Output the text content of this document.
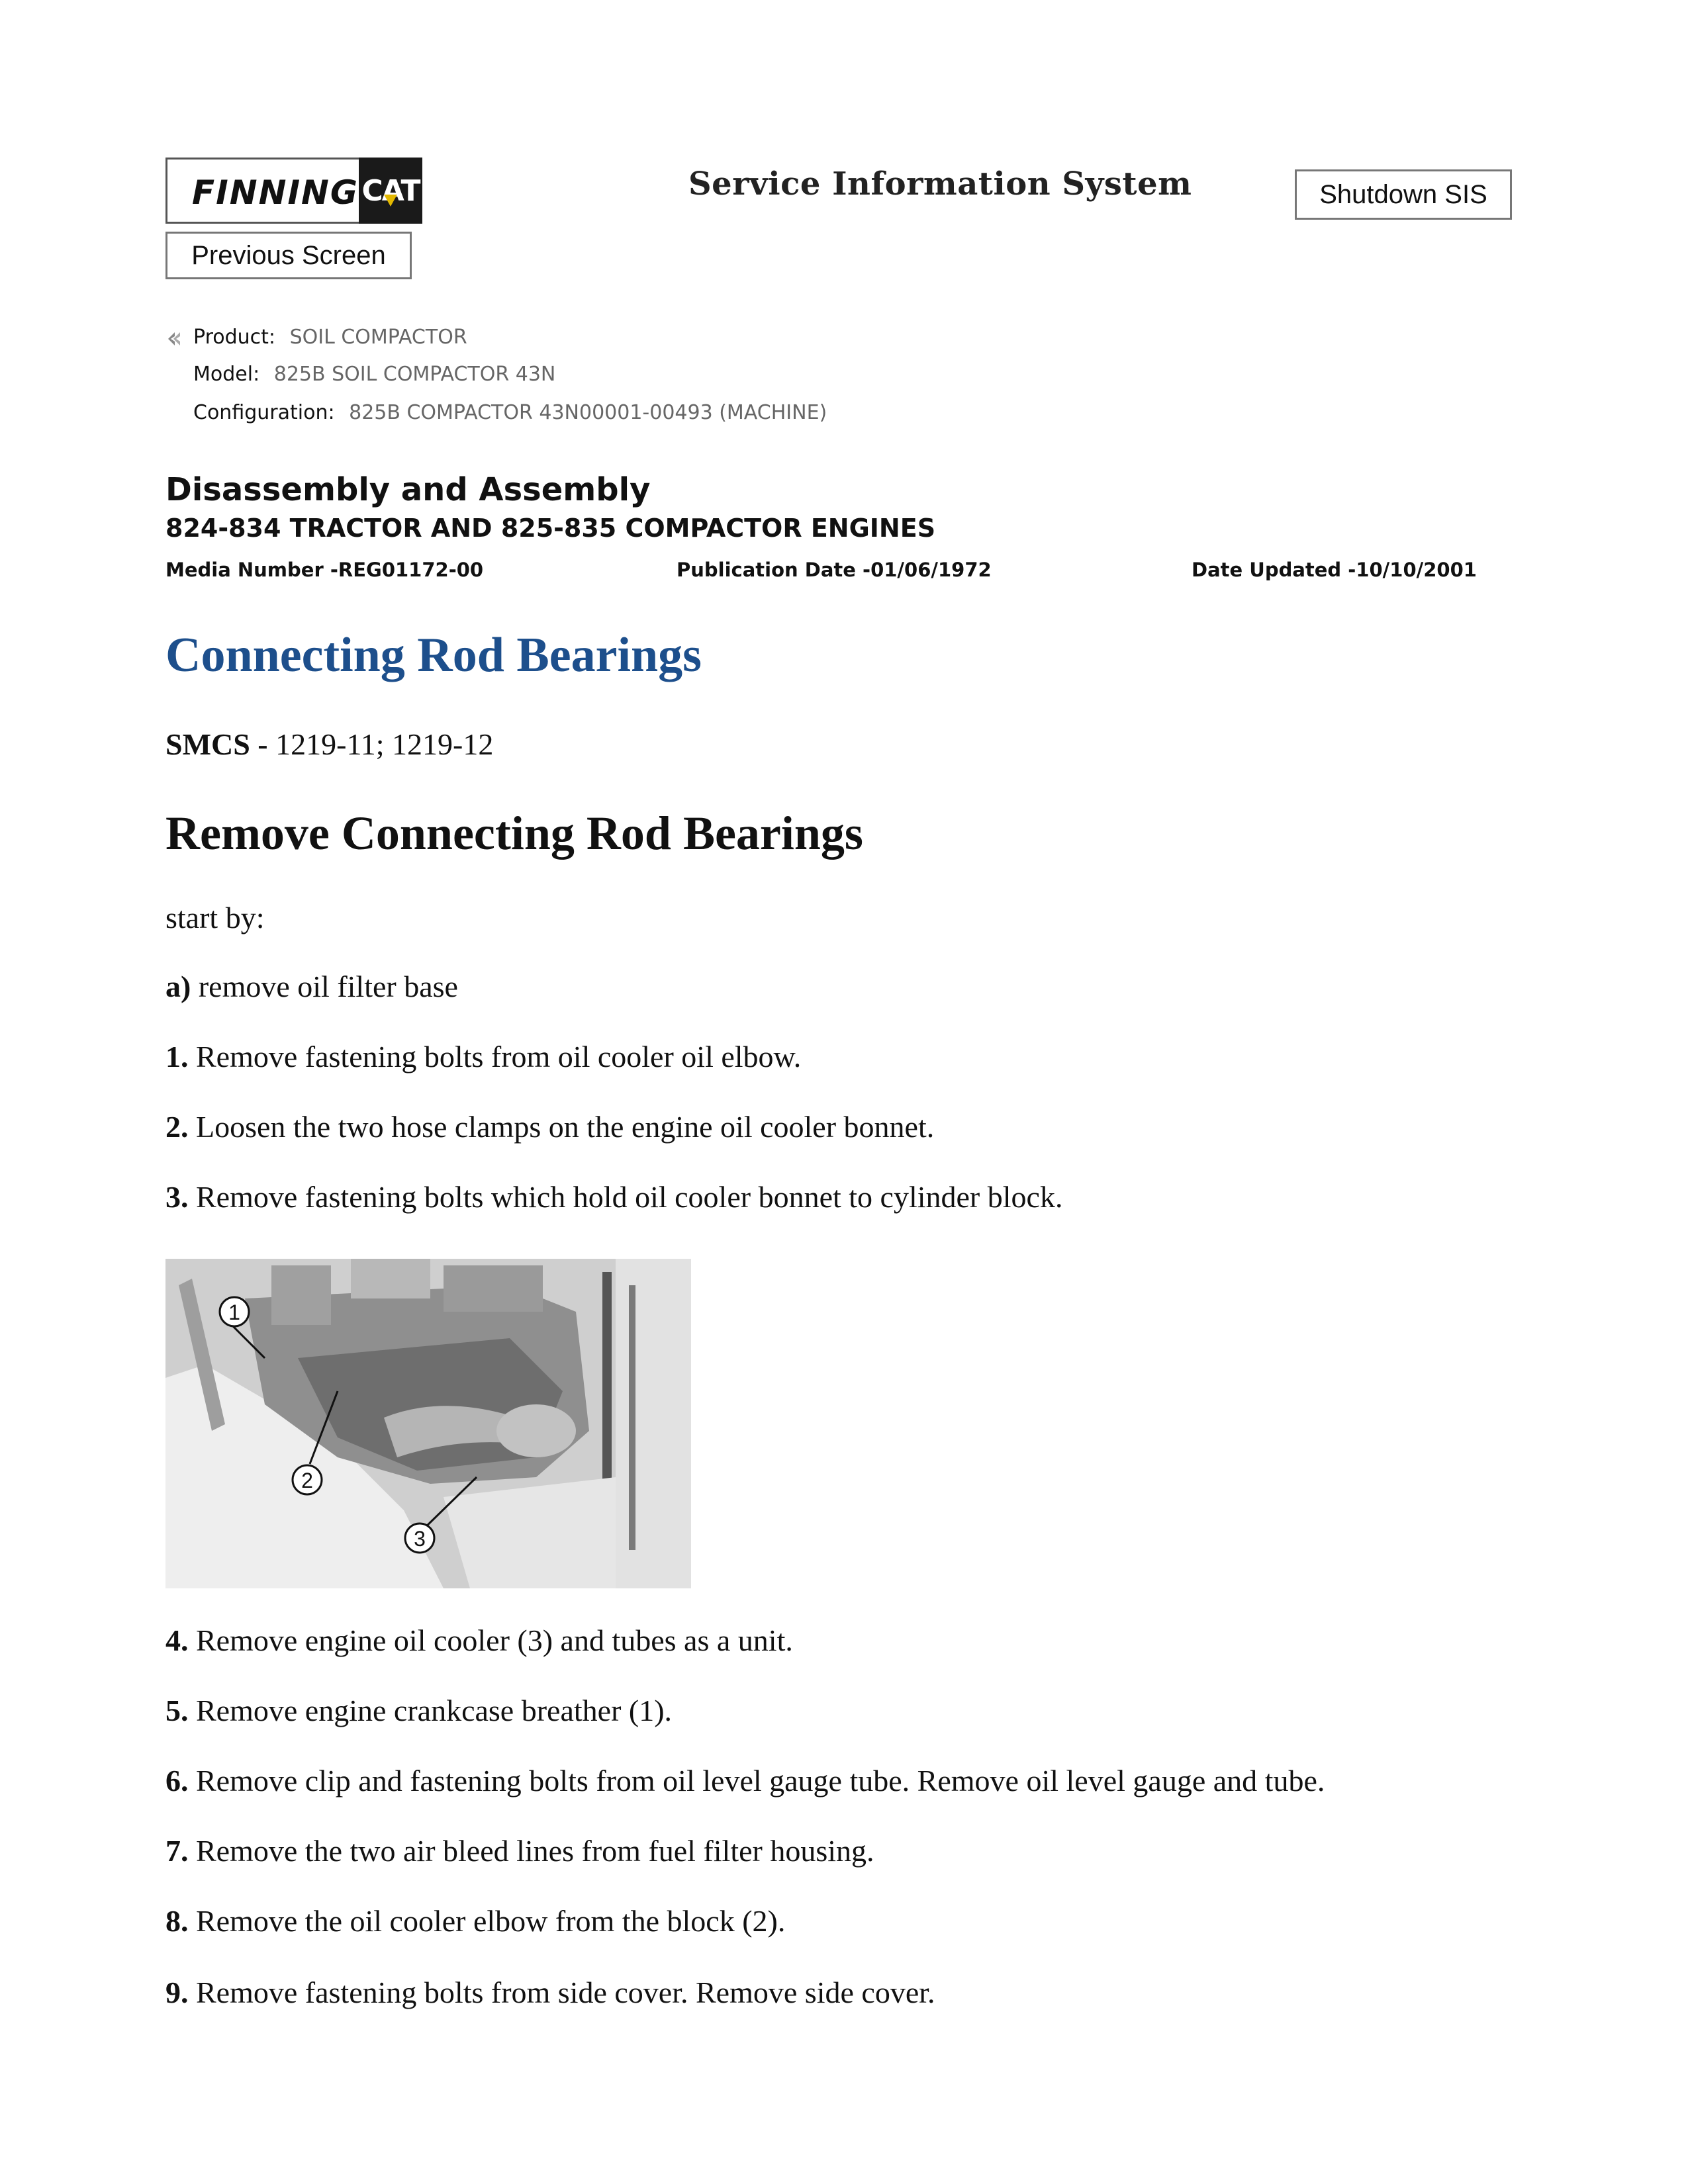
FINNING CAT	Service Information System	Shutdown SIS
Previous Screen
Product: SOIL COMPACTOR
Model: 825B SOIL COMPACTOR 43N
Configuration: 825B COMPACTOR 43N00001-00493 (MACHINE)
Disassembly and Assembly
824-834 TRACTOR AND 825-835 COMPACTOR ENGINES
Media Number -REG01172-00	Publication Date -01/06/1972	Date Updated -10/10/2001
Connecting Rod Bearings
SMCS - 1219-11; 1219-12
Remove Connecting Rod Bearings
start by:
a) remove oil filter base
1. Remove fastening bolts from oil cooler oil elbow.
2. Loosen the two hose clamps on the engine oil cooler bonnet.
3. Remove fastening bolts which hold oil cooler bonnet to cylinder block.
1
2
3
4. Remove engine oil cooler (3) and tubes as a unit.
5. Remove engine crankcase breather (1).
6. Remove clip and fastening bolts from oil level gauge tube. Remove oil level gauge and tube.
7. Remove the two air bleed lines from fuel filter housing.
8. Remove the oil cooler elbow from the block (2).
9. Remove fastening bolts from side cover. Remove side cover.
